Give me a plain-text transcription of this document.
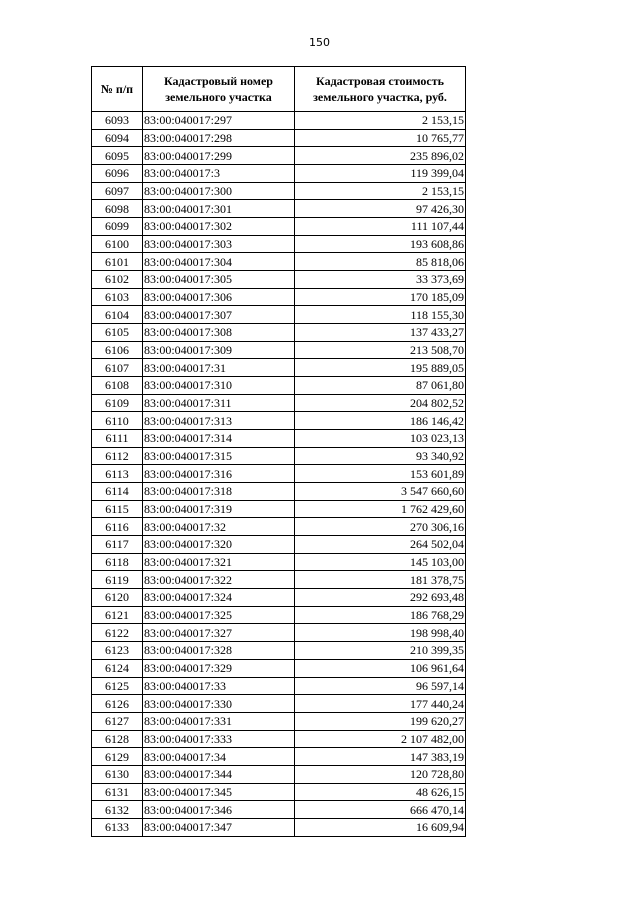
150
№ п/п	Кадастровый номер земельного участка	Кадастровая стоимость земельного участка, руб.
6093	83:00:040017:297	2 153,15
6094	83:00:040017:298	10 765,77
6095	83:00:040017:299	235 896,02
6096	83:00:040017:3	119 399,04
6097	83:00:040017:300	2 153,15
6098	83:00:040017:301	97 426,30
6099	83:00:040017:302	111 107,44
6100	83:00:040017:303	193 608,86
6101	83:00:040017:304	85 818,06
6102	83:00:040017:305	33 373,69
6103	83:00:040017:306	170 185,09
6104	83:00:040017:307	118 155,30
6105	83:00:040017:308	137 433,27
6106	83:00:040017:309	213 508,70
6107	83:00:040017:31	195 889,05
6108	83:00:040017:310	87 061,80
6109	83:00:040017:311	204 802,52
6110	83:00:040017:313	186 146,42
6111	83:00:040017:314	103 023,13
6112	83:00:040017:315	93 340,92
6113	83:00:040017:316	153 601,89
6114	83:00:040017:318	3 547 660,60
6115	83:00:040017:319	1 762 429,60
6116	83:00:040017:32	270 306,16
6117	83:00:040017:320	264 502,04
6118	83:00:040017:321	145 103,00
6119	83:00:040017:322	181 378,75
6120	83:00:040017:324	292 693,48
6121	83:00:040017:325	186 768,29
6122	83:00:040017:327	198 998,40
6123	83:00:040017:328	210 399,35
6124	83:00:040017:329	106 961,64
6125	83:00:040017:33	96 597,14
6126	83:00:040017:330	177 440,24
6127	83:00:040017:331	199 620,27
6128	83:00:040017:333	2 107 482,00
6129	83:00:040017:34	147 383,19
6130	83:00:040017:344	120 728,80
6131	83:00:040017:345	48 626,15
6132	83:00:040017:346	666 470,14
6133	83:00:040017:347	16 609,94
